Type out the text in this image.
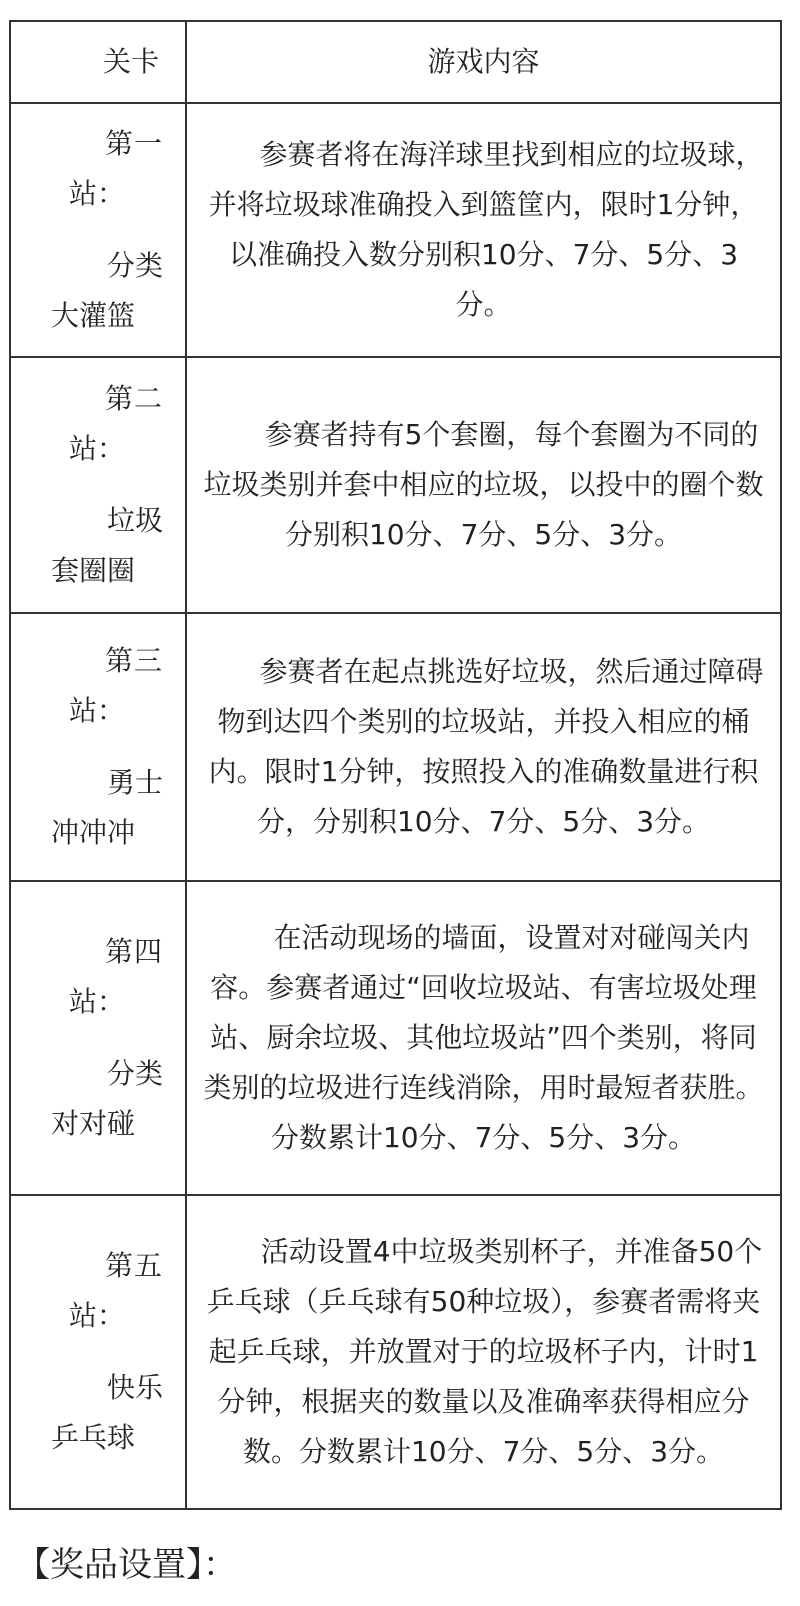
关卡	游戏内容

第一
站：
分类
大灌篮	参赛者将在海洋球里找到相应的垃圾球，并将垃圾球准确投入到篮筐内，限时1分钟，以准确投入数分别积10分、7分、5分、3分。

第二
站：
垃圾
套圈圈	参赛者持有5个套圈，每个套圈为不同的垃圾类别并套中相应的垃圾，以投中的圈个数分别积10分、7分、5分、3分。

第三
站：
勇士
冲冲冲	参赛者在起点挑选好垃圾，然后通过障碍物到达四个类别的垃圾站，并投入相应的桶内。限时1分钟，按照投入的准确数量进行积分，分别积10分、7分、5分、3分。

第四
站：
分类
对对碰	在活动现场的墙面，设置对对碰闯关内容。参赛者通过“回收垃圾站、有害垃圾处理站、厨余垃圾、其他垃圾站”四个类别，将同类别的垃圾进行连线消除，用时最短者获胜。分数累计10分、7分、5分、3分。

第五
站：
快乐
乒乓球	活动设置4中垃圾类别杯子，并准备50个乒乓球（乒乓球有50种垃圾），参赛者需将夹起乒乓球，并放置对于的垃圾杯子内，计时1分钟，根据夹的数量以及准确率获得相应分数。分数累计10分、7分、5分、3分。
【奖品设置】：
